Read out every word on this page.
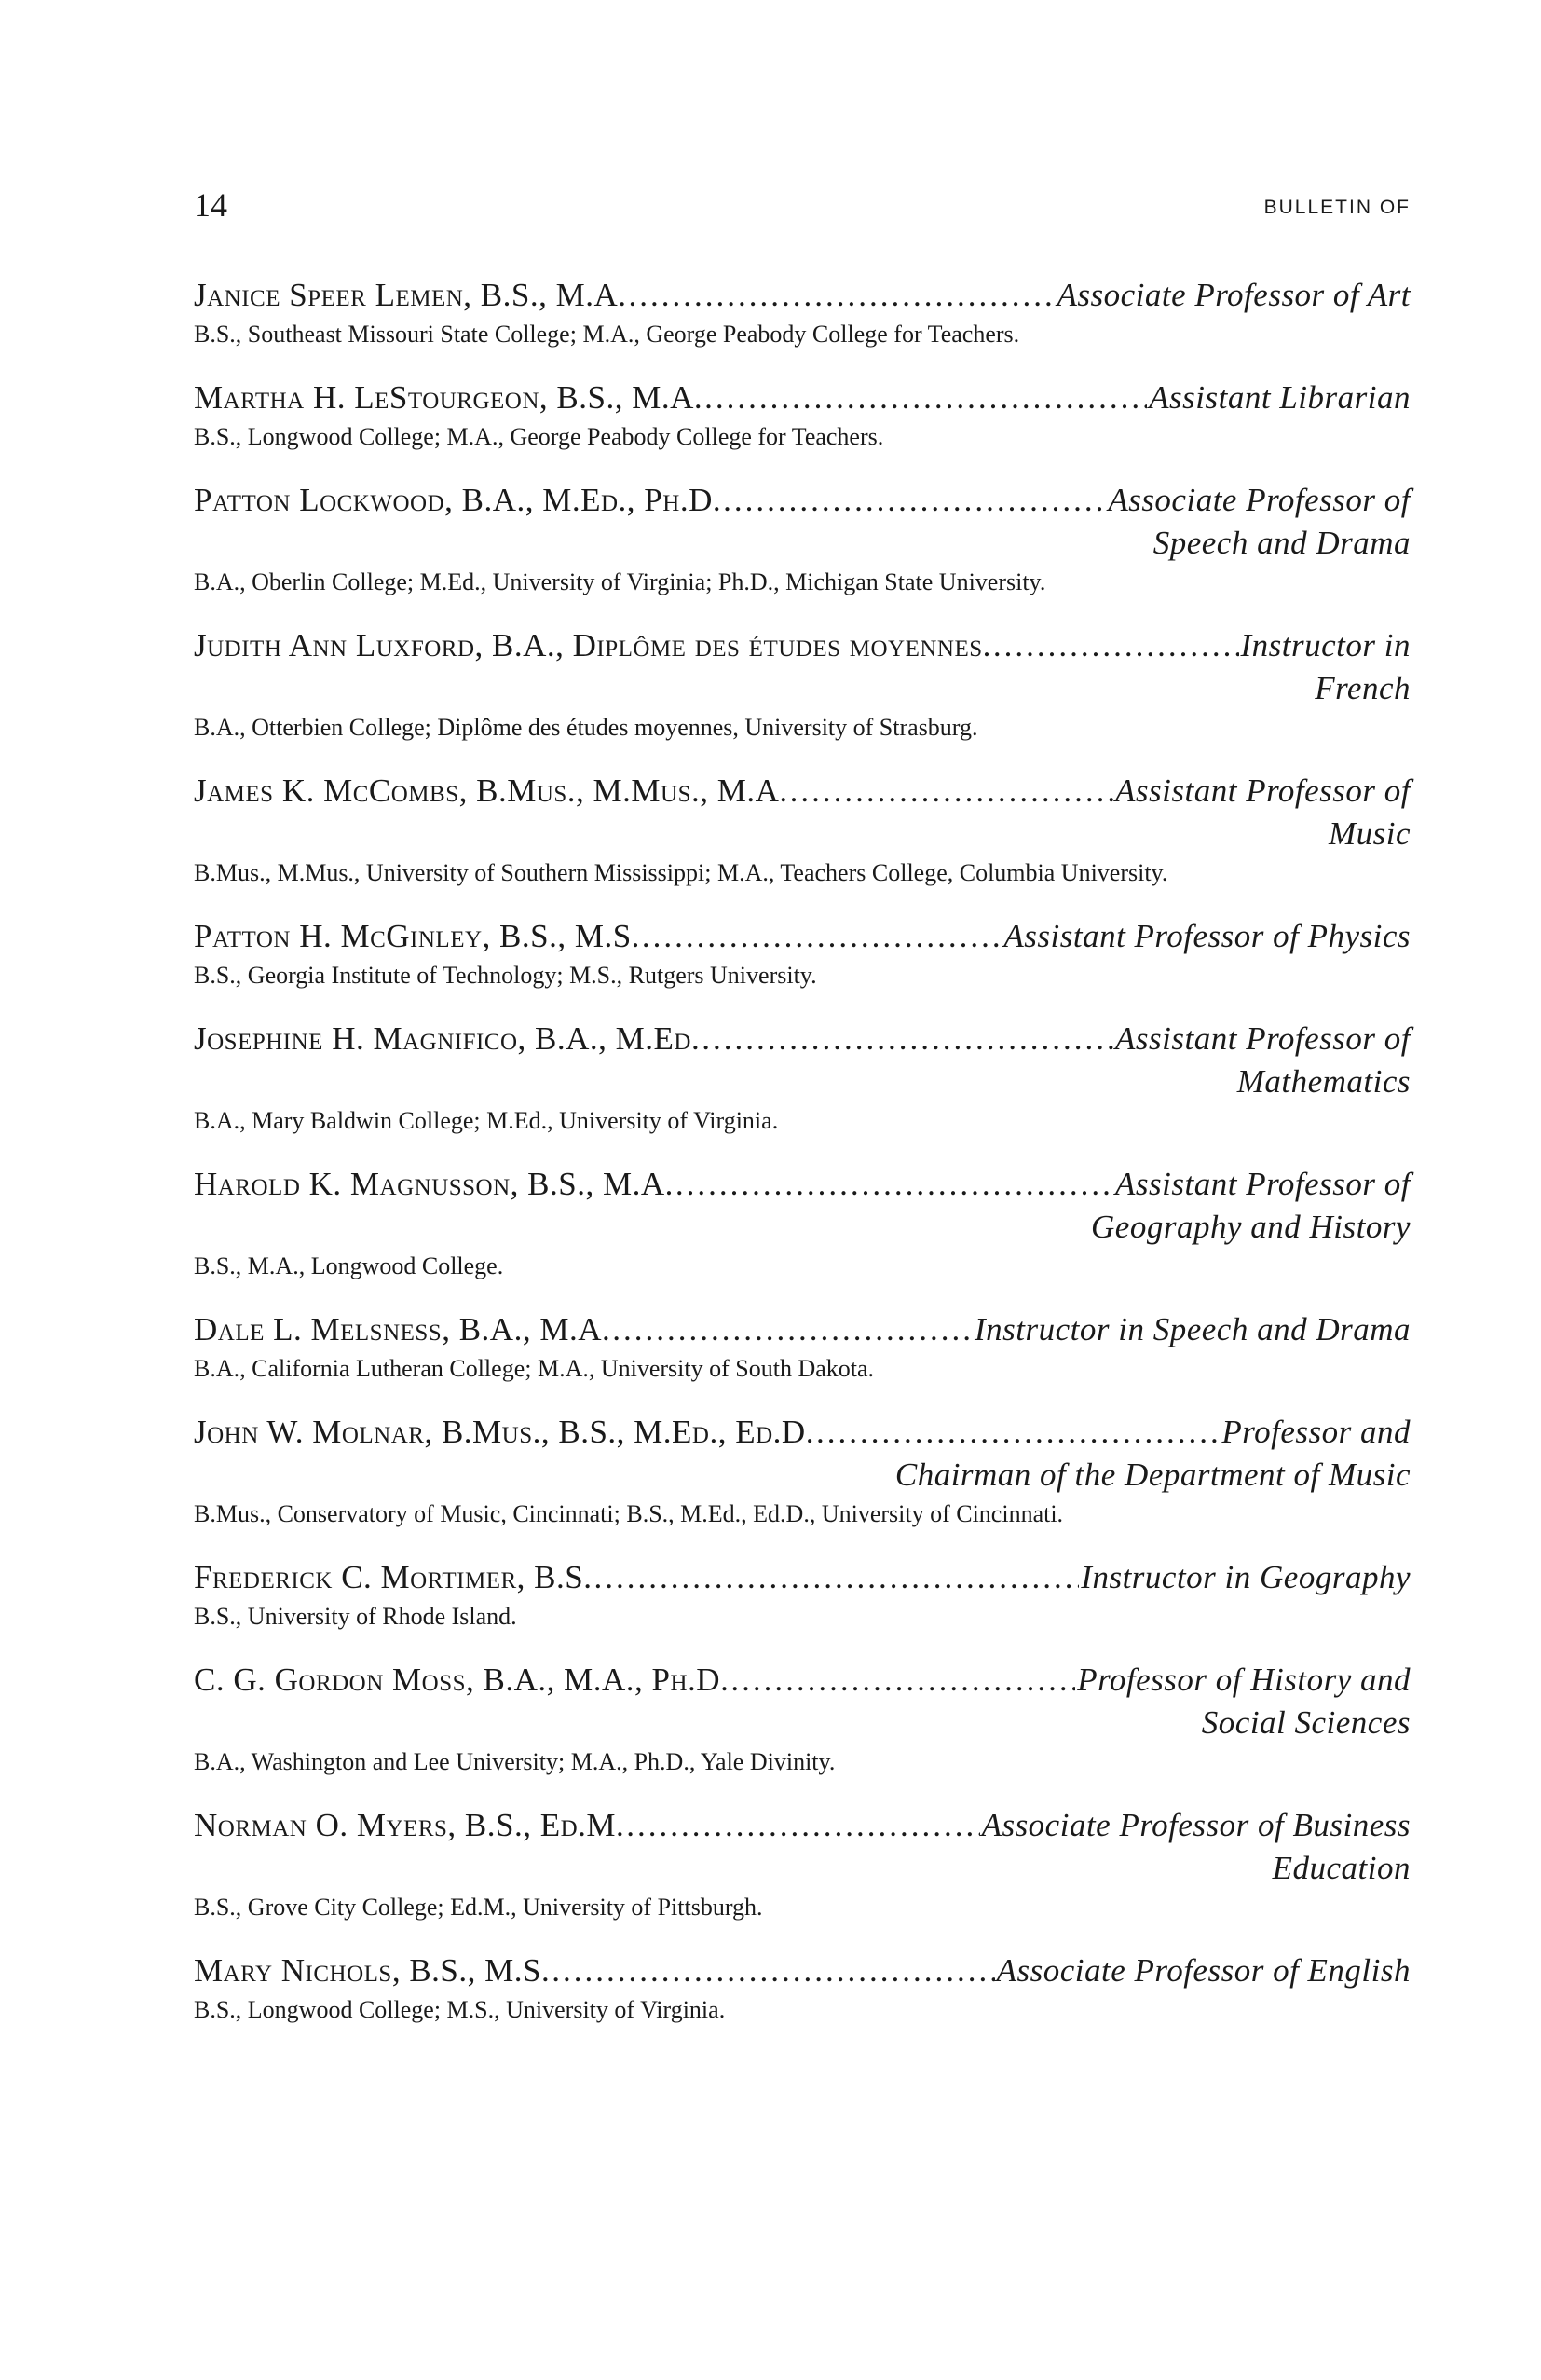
14	BULLETIN OF
Janice Speer Lemen, B.S., M.A. .....	Associate Professor of Art
B.S., Southeast Missouri State College; M.A., George Peabody College for Teachers.
Martha H. LeStourgeon, B.S., M.A. .....	Assistant Librarian
B.S., Longwood College; M.A., George Peabody College for Teachers.
Patton Lockwood, B.A., M.Ed., Ph.D. .....	Associate Professor of
Speech and Drama
B.A., Oberlin College; M.Ed., University of Virginia; Ph.D., Michigan State University.
Judith Ann Luxford, B.A., Diplôme des études moyennes. .....	Instructor in
French
B.A., Otterbien College; Diplôme des études moyennes, University of Strasburg.
James K. McCombs, B.Mus., M.Mus., M.A. .....	Assistant Professor of
Music
B.Mus., M.Mus., University of Southern Mississippi; M.A., Teachers College, Columbia University.
Patton H. McGinley, B.S., M.S. .....	Assistant Professor of Physics
B.S., Georgia Institute of Technology; M.S., Rutgers University.
Josephine H. Magnifico, B.A., M.Ed. .....	Assistant Professor of
Mathematics
B.A., Mary Baldwin College; M.Ed., University of Virginia.
Harold K. Magnusson, B.S., M.A. .....	Assistant Professor of
Geography and History
B.S., M.A., Longwood College.
Dale L. Melsness, B.A., M.A. .....	Instructor in Speech and Drama
B.A., California Lutheran College; M.A., University of South Dakota.
John W. Molnar, B.Mus., B.S., M.Ed., Ed.D. .....	Professor and
Chairman of the Department of Music
B.Mus., Conservatory of Music, Cincinnati; B.S., M.Ed., Ed.D., University of Cincinnati.
Frederick C. Mortimer, B.S. .....	Instructor in Geography
B.S., University of Rhode Island.
C. G. Gordon Moss, B.A., M.A., Ph.D. .....	Professor of History and
Social Sciences
B.A., Washington and Lee University; M.A., Ph.D., Yale Divinity.
Norman O. Myers, B.S., Ed.M. .....	Associate Professor of Business
Education
B.S., Grove City College; Ed.M., University of Pittsburgh.
Mary Nichols, B.S., M.S. .....	Associate Professor of English
B.S., Longwood College; M.S., University of Virginia.
